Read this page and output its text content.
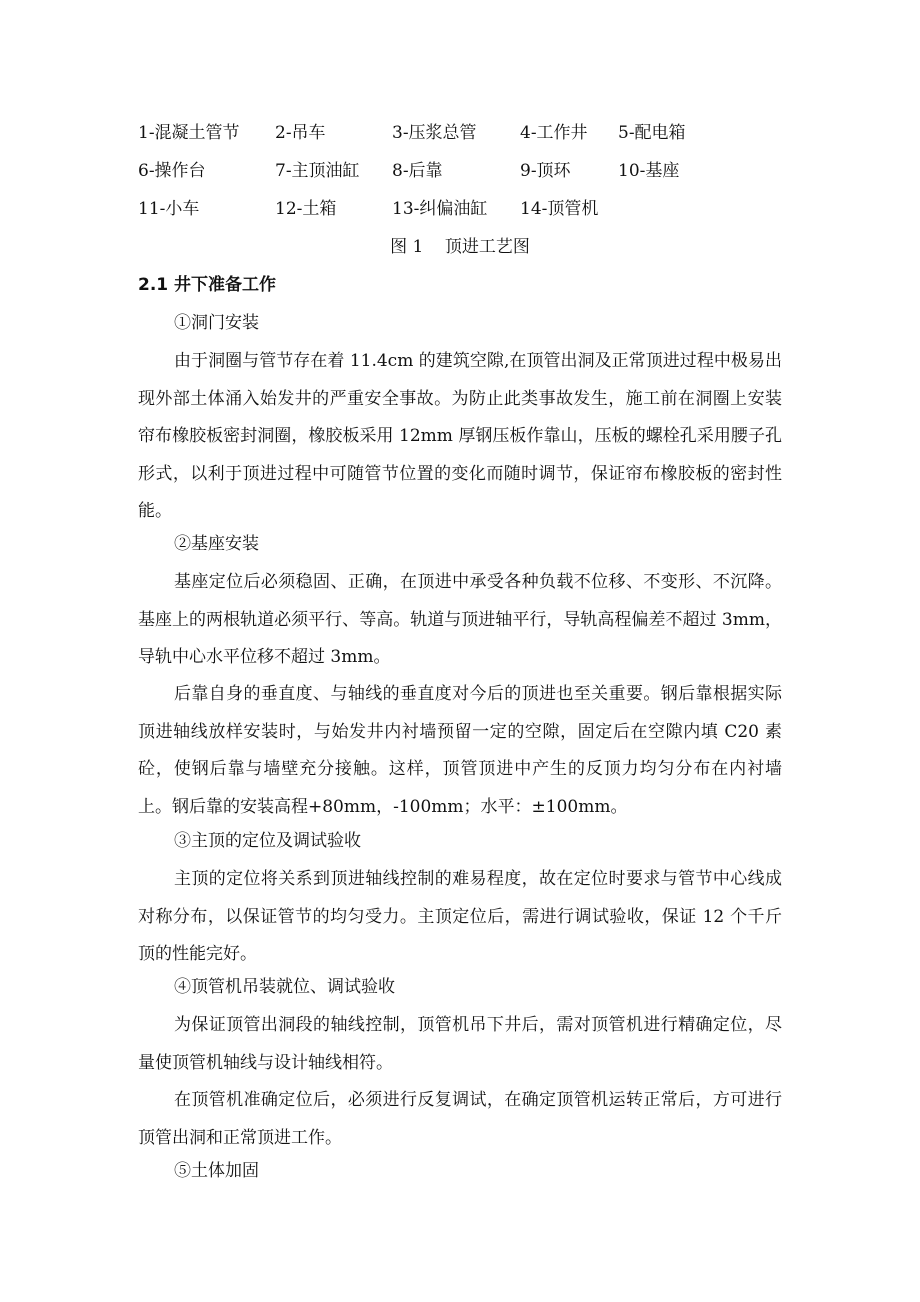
1-混凝土管节 2-吊车	3-压浆总管	4-工作井 5-配电箱
6-操作台	7-主顶油缸 8-后靠	9-顶环	10-基座
11-小车	12-土箱	13-纠偏油缸 14-顶管机
图 1    顶进工艺图
2.1 井下准备工作
①洞门安装

由于洞圈与管节存在着 11.4cm 的建筑空隙,在顶管出洞及正常顶进过程中极易出现外部土体涌入始发井的严重安全事故。为防止此类事故发生，施工前在洞圈上安装帘布橡胶板密封洞圈，橡胶板采用 12mm 厚钢压板作靠山，压板的螺栓孔采用腰子孔形式，以利于顶进过程中可随管节位置的变化而随时调节，保证帘布橡胶板的密封性能。

②基座安装

基座定位后必须稳固、正确，在顶进中承受各种负载不位移、不变形、不沉降。基座上的两根轨道必须平行、等高。轨道与顶进轴平行，导轨高程偏差不超过 3mm，导轨中心水平位移不超过 3mm。

后靠自身的垂直度、与轴线的垂直度对今后的顶进也至关重要。钢后靠根据实际顶进轴线放样安装时，与始发井内衬墙预留一定的空隙，固定后在空隙内填 C20 素砼，使钢后靠与墙壁充分接触。这样，顶管顶进中产生的反顶力均匀分布在内衬墙上。钢后靠的安装高程+80mm，-100mm；水平：±100mm。

③主顶的定位及调试验收

主顶的定位将关系到顶进轴线控制的难易程度，故在定位时要求与管节中心线成对称分布，以保证管节的均匀受力。主顶定位后，需进行调试验收，保证 12 个千斤顶的性能完好。

④顶管机吊装就位、调试验收

为保证顶管出洞段的轴线控制，顶管机吊下井后，需对顶管机进行精确定位，尽量使顶管机轴线与设计轴线相符。

在顶管机准确定位后，必须进行反复调试，在确定顶管机运转正常后，方可进行顶管出洞和正常顶进工作。

⑤土体加固
